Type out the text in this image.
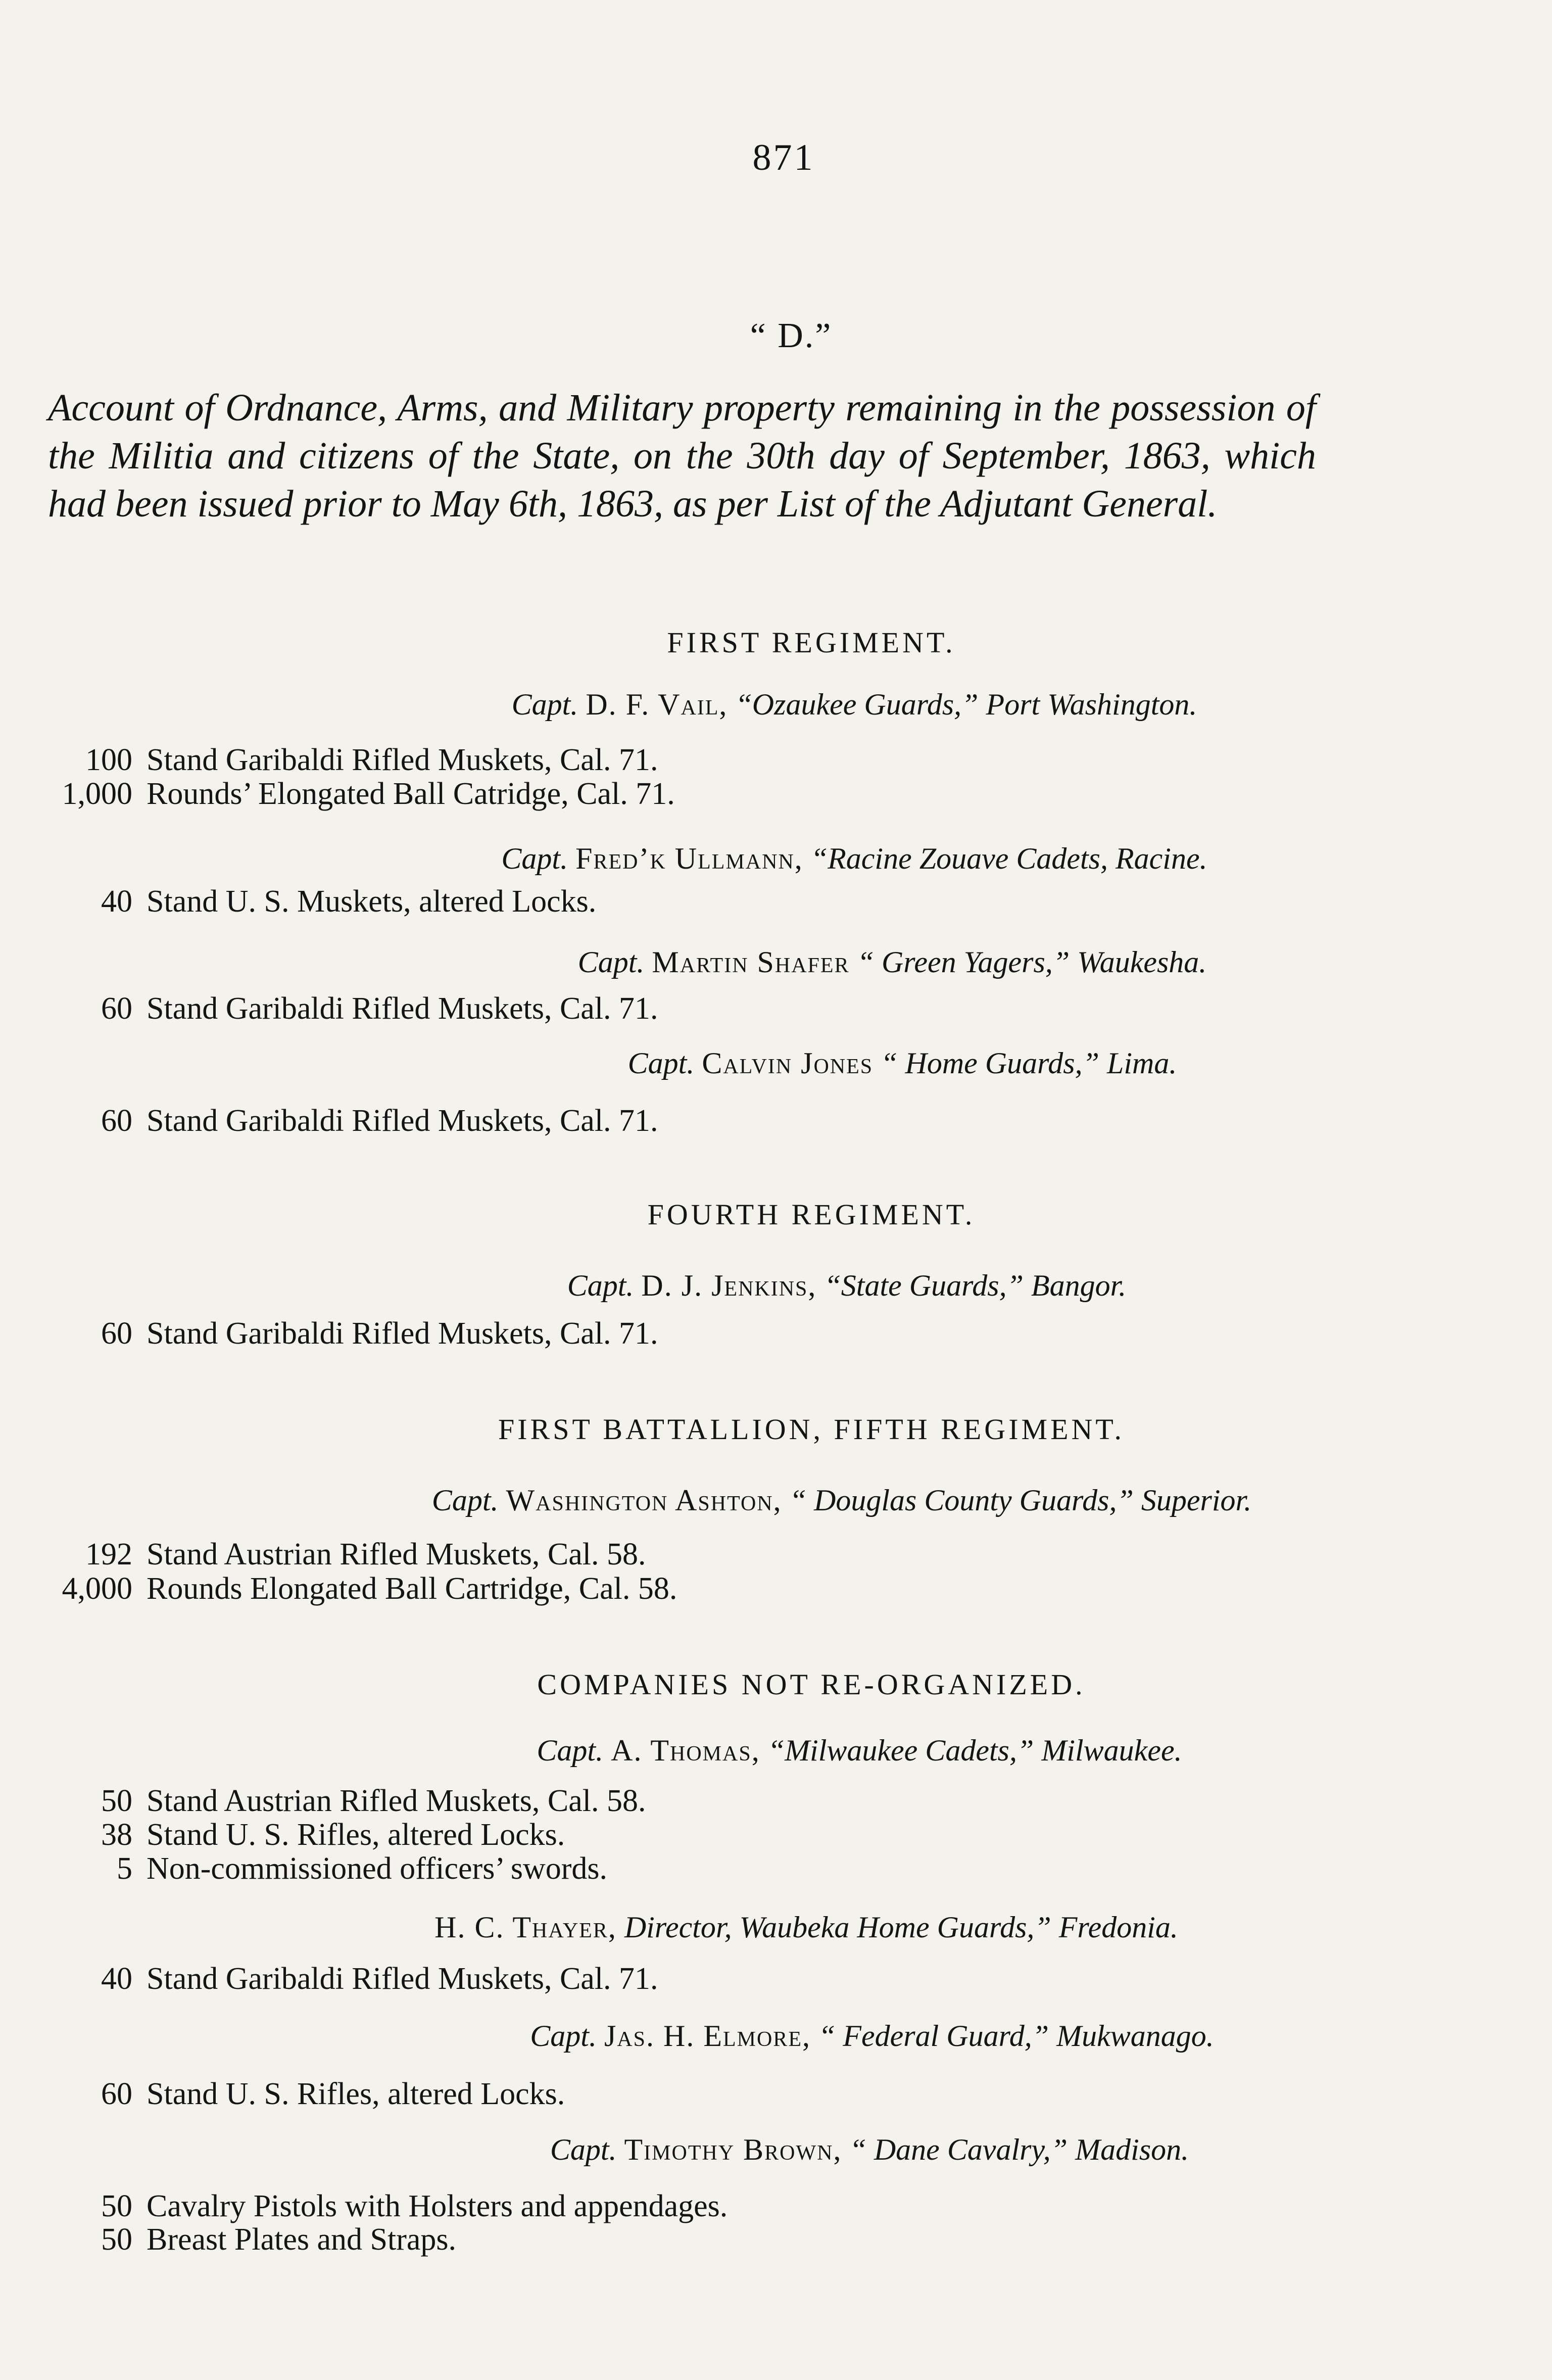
871
“ D.”
Account of Ordnance, Arms, and Military property remaining in the possession of the Militia and citizens of the State, on the 30th day of September, 1863, which had been issued prior to May 6th, 1863, as per List of the Adjutant General.
FIRST REGIMENT.
Capt. D. F. Vail, “Ozaukee Guards,” Port Washington.
100 Stand Garibaldi Rifled Muskets, Cal. 71.
1,000 Rounds’ Elongated Ball Catridge, Cal. 71.
Capt. Fred’k Ullmann, “Racine Zouave Cadets, Racine.
40 Stand U. S. Muskets, altered Locks.
Capt. Martin Shafer “ Green Yagers,” Waukesha.
60 Stand Garibaldi Rifled Muskets, Cal. 71.
Capt. Calvin Jones “ Home Guards,” Lima.
60 Stand Garibaldi Rifled Muskets, Cal. 71.
FOURTH REGIMENT.
Capt. D. J. Jenkins, “State Guards,” Bangor.
60 Stand Garibaldi Rifled Muskets, Cal. 71.
FIRST BATTALLION, FIFTH REGIMENT.
Capt. Washington Ashton, “ Douglas County Guards,” Superior.
192 Stand Austrian Rifled Muskets, Cal. 58.
4,000 Rounds Elongated Ball Cartridge, Cal. 58.
COMPANIES NOT RE-ORGANIZED.
Capt. A. Thomas, “Milwaukee Cadets,” Milwaukee.
50 Stand Austrian Rifled Muskets, Cal. 58.
38 Stand U. S. Rifles, altered Locks.
5 Non-commissioned officers’ swords.
H. C. Thayer, Director, Waubeka Home Guards,” Fredonia.
40 Stand Garibaldi Rifled Muskets, Cal. 71.
Capt. Jas. H. Elmore, “ Federal Guard,” Mukwanago.
60 Stand U. S. Rifles, altered Locks.
Capt. Timothy Brown, “ Dane Cavalry,” Madison.
50 Cavalry Pistols with Holsters and appendages.
50 Breast Plates and Straps.
